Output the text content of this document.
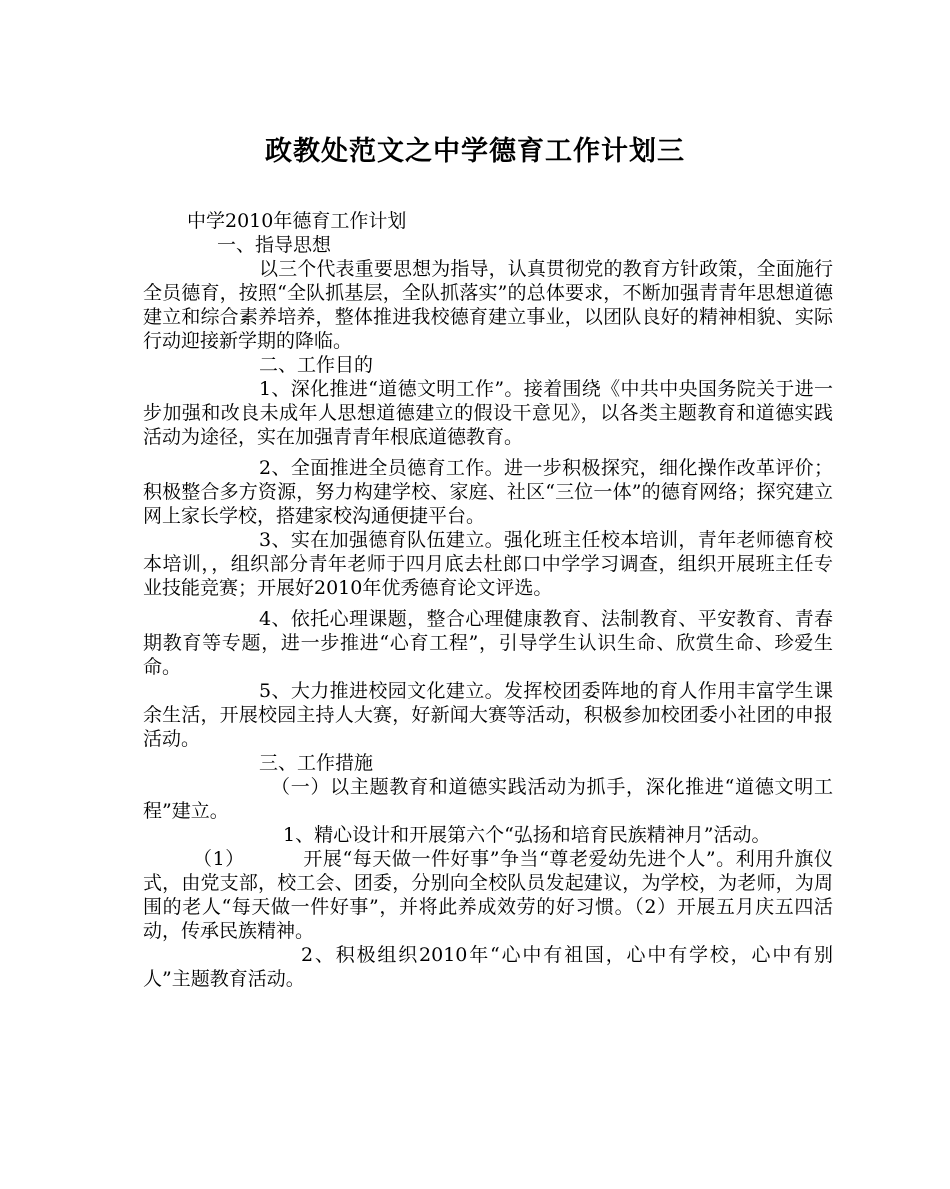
政教处范文之中学德育工作计划三

中学2010年德育工作计划

一、指导思想

以三个代表重要思想为指导，认真贯彻党的教育方针政策，全面施行全员德育，按照“全队抓基层，全队抓落实”的总体要求，不断加强青青年思想道德建立和综合素养培养，整体推进我校德育建立事业，以团队良好的精神相貌、实际行动迎接新学期的降临。

二、工作目的

1、深化推进“道德文明工作”。接着围绕《中共中央国务院关于进一步加强和改良未成年人思想道德建立的假设干意见》，以各类主题教育和道德实践活动为途径，实在加强青青年根底道德教育。

2、全面推进全员德育工作。进一步积极探究，细化操作改革评价；积极整合多方资源，努力构建学校、家庭、社区“三位一体”的德育网络；探究建立网上家长学校，搭建家校沟通便捷平台。

3、实在加强德育队伍建立。强化班主任校本培训，青年老师德育校本培训，，组织部分青年老师于四月底去杜郎口中学学习调查，组织开展班主任专业技能竞赛；开展好2010年优秀德育论文评选。

4、依托心理课题，整合心理健康教育、法制教育、平安教育、青春期教育等专题，进一步推进“心育工程”，引导学生认识生命、欣赏生命、珍爱生命。

5、大力推进校园文化建立。发挥校团委阵地的育人作用丰富学生课余生活，开展校园主持人大赛，好新闻大赛等活动，积极参加校团委小社团的申报活动。

三、工作措施

（一）以主题教育和道德实践活动为抓手，深化推进“道德文明工程”建立。

1、精心设计和开展第六个“弘扬和培育民族精神月”活动。

（1）	开展“每天做一件好事”争当“尊老爱幼先进个人”。利用升旗仪式，由党支部，校工会、团委，分别向全校队员发起建议，为学校，为老师，为周围的老人“每天做一件好事”，并将此养成效劳的好习惯。（2）开展五月庆五四活动，传承民族精神。

2、积极组织2010年“心中有祖国，心中有学校，心中有别人”主题教育活动。
